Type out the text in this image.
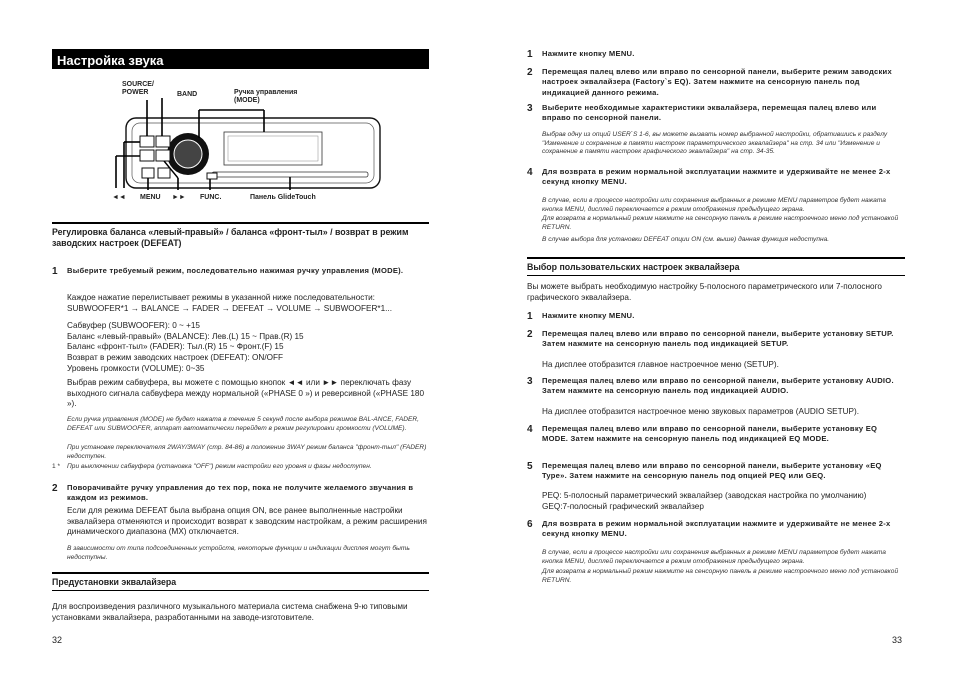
Настройка звука
SOURCE/
POWER	BAND	Ручка управления
(MODE)
◄◄ MENU ►► FUNC.	Панель GlideTouch
Регулировка баланса «левый-правый» / баланса «фронт-тыл» / возврат в режим заводских настроек (DEFEAT)
1 Выберите требуемый режим, последовательно нажимая ручку управления (MODE).
Каждое нажатие перелистывает режимы в указанной ниже последовательности: SUBWOOFER*1 → BALANCE → FADER → DEFEAT → VOLUME → SUBWOOFER*1...
Сабвуфер (SUBWOOFER): 0 ~ +15
Баланс «левый-правый» (BALANCE): Лев.(L) 15 ~ Прав.(R) 15
Баланс «фронт-тыл» (FADER): Тыл.(R) 15 ~ Фронт.(F) 15
Возврат в режим заводских настроек (DEFEAT): ON/OFF
Уровень громкости (VOLUME): 0~35
Выбрав режим сабвуфера, вы можете с помощью кнопок ◄◄ или ►► переключать фазу выходного сигнала сабвуфера между нормальной («PHASE 0 ») и реверсивной («PHASE 180 »).
Если ручка управления (MODE) не будет нажата в течение 5 секунд после выбора режимов BAL-ANCE, FADER, DEFEAT или SUBWOOFER, аппарат автоматически перейдет в режим регулировки громкости (VOLUME).
При установке переключателя 2WAY/3WAY (стр. 84-86) в положение 3WAY режим баланса "фронт-тыл" (FADER) недоступен.
1 *	При выключении сабвуфера (установка "OFF") режим настройки его уровня и фазы недоступен.
2 Поворачивайте ручку управления до тех пор, пока не получите желаемого звучания в каждом из режимов.
Если для режима DEFEAT была выбрана опция ON, все ранее выполненные настройки эквалайзера отменяются и происходит возврат к заводским настройкам, а режим расширения динамического диапазона (MX) отключается.
В зависимости от типа подсоединенных устройств, некоторые функции и индикации дисплея могут быть недоступны.
Предустановки эквалайзера
Для воспроизведения различного музыкального материала система снабжена 9-ю типовыми установками эквалайзера, разработанными на заводе-изготовителе.
32
1 Нажмите кнопку MENU.
2 Перемещая палец влево или вправо по сенсорной панели, выберите режим заводских настроек эквалайзера (Factory`s EQ). Затем нажмите на сенсорную панель под индикацией данного режима.
3 Выберите необходимые характеристики эквалайзера, перемещая палец влево или вправо по сенсорной панели.
Выбрав одну из опций USER`S 1-6, вы можете вызвать номер выбранной настройки, обратившись к разделу "Изменение и сохранение в памяти настроек параметрического эквалайзера" на стр. 34 или "Изменение и сохранение в памяти настроек графического эквалайзера" на стр. 34-35.
4 Для возврата в режим нормальной эксплуатации нажмите и удерживайте не менее 2-х секунд кнопку MENU.
В случае, если в процессе настройки или сохранения выбранных в режиме MENU параметров будет нажата кнопка MENU, дисплей переключается в режим отображения предыдущего экрана.
Для возврата в нормальный режим нажмите на сенсорную панель в режиме настроечного меню под установкой RETURN.
В случае выбора для установки DEFEAT опции ON (см. выше) данная функция недоступна.
Выбор пользовательских настроек эквалайзера
Вы можете выбрать необходимую настройку 5-полосного параметрического или 7-полосного графического эквалайзера.
1 Нажмите кнопку MENU.
2 Перемещая палец влево или вправо по сенсорной панели, выберите установку SETUP. Затем нажмите на сенсорную панель под индикацией SETUP.
На дисплее отобразится главное настроечное меню (SETUP).
3 Перемещая палец влево или вправо по сенсорной панели, выберите установку AUDIO. Затем нажмите на сенсорную панель под индикацией AUDIO.
На дисплее отобразится настроечное меню звуковых параметров (AUDIO SETUP).
4 Перемещая палец влево или вправо по сенсорной панели, выберите установку EQ MODE. Затем нажмите на сенсорную панель под индикацией EQ MODE.
5 Перемещая палец влево или вправо по сенсорной панели, выберите установку «EQ Type». Затем нажмите на сенсорную панель под опцией PEQ или GEQ.
PEQ: 5-полосный параметрический эквалайзер (заводская настройка по умолчанию)
GEQ:7-полосный графический эквалайзер
6 Для возврата в режим нормальной эксплуатации нажмите и удерживайте не менее 2-х секунд кнопку MENU.
В случае, если в процессе настройки или сохранения выбранных в режиме MENU параметров будет нажата кнопка MENU, дисплей переключается в режим отображения предыдущего экрана.
Для возврата в нормальный режим нажмите на сенсорную панель в режиме настроечного меню под установкой RETURN.
33
